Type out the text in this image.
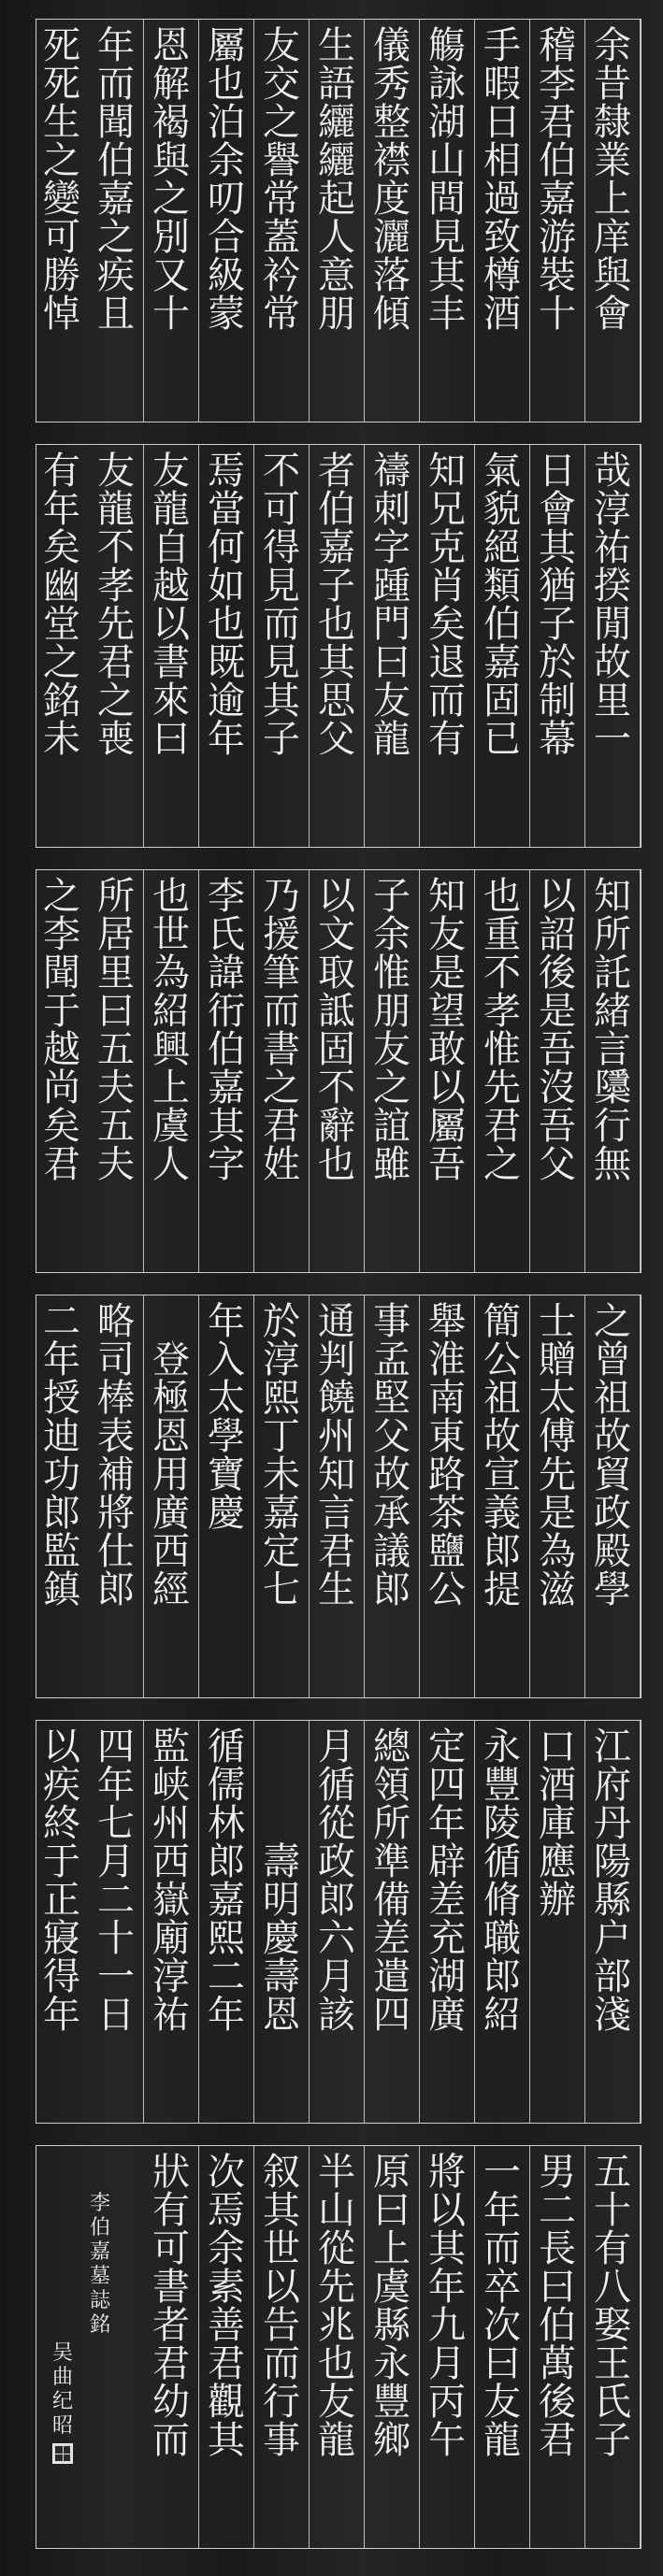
余
昔
隸
業
上
庠
與
會
稽
李
君
伯
嘉
游
裝
十
手
暇
日
相
過
致
樽
酒
觴
詠
湖
山
間
見
其
丰
儀
秀
整
襟
度
灑
落
傾
生
語
纚
纚
起
人
意
朋
友
交
之
譽
常
蓋
衿
常
屬
也
泊
余
叨
合
級
蒙
恩
解
褐
與
之
別
又
十
年
而
聞
伯
嘉
之
疾
且
死
死
生
之
變
可
勝
悼
哉
淳
祐
揆
閒
故
里
一
日
會
其
猶
子
於
制
幕
氣
貌
絕
類
伯
嘉
固
已
知
兄
克
肖
矣
退
而
有
禱
刺
字
踵
門
曰
友
龍
者
伯
嘉
子
也
其
思
父
不
可
得
見
而
見
其
子
焉
當
何
如
也
既
逾
年
友
龍
自
越
以
書
來
曰
友
龍
不
孝
先
君
之
喪
有
年
矣
幽
堂
之
銘
未
知
所
託
緒
言
櫽
行
無
以
詔
後
是
吾
沒
吾
父
也
重
不
孝
惟
先
君
之
知
友
是
望
敢
以
屬
吾
子
余
惟
朋
友
之
誼
雖
以
文
取
詆
固
不
辭
也
乃
援
筆
而
書
之
君
姓
李
氏
諱
衎
伯
嘉
其
字
也
世
為
紹
興
上
虞
人
所
居
里
曰
五
夫
五
夫
之
李
聞
于
越
尚
矣
君
之
曾
祖
故
貿
政
殿
學
士
贈
太
傅
先
是
為
滋
簡
公
祖
故
宣
義
郎
提
舉
淮
南
東
路
茶
鹽
公
事
孟
堅
父
故
承
議
郎
通
判
饒
州
知
言
君
生
於
淳
熙
丁
未
嘉
定
七
年
入
太
學
寶
慶
登
極
恩
用
廣
西
經
略
司
棒
表
補
將
仕
郎
二
年
授
迪
功
郎
監
鎮
江
府
丹
陽
縣
户
部
淺
口
酒
庫
應
辦
永
豐
陵
循
脩
職
郎
紹
定
四
年
辟
差
充
湖
廣
總
領
所
準
備
差
遣
四
月
循
從
政
郎
六
月
該
壽
明
慶
壽
恩
循
儒
林
郎
嘉
熙
二
年
監
峡
州
西
嶽
廟
淳
祐
四
年
七
月
二
十
一
日
以
疾
終
于
正
寢
得
年
五
十
有
八
娶
王
氏
子
男
二
長
曰
伯
萬
後
君
一
年
而
卒
次
曰
友
龍
將
以
其
年
九
月
丙
午
原
曰
上
虞
縣
永
豐
鄉
半
山
從
先
兆
也
友
龍
叙
其
世
以
告
而
行
事
次
焉
余
素
善
君
觀
其
狀
有
可
書
者
君
幼
而
李
伯
嘉
墓
誌
銘
吴
曲
纪
昭
